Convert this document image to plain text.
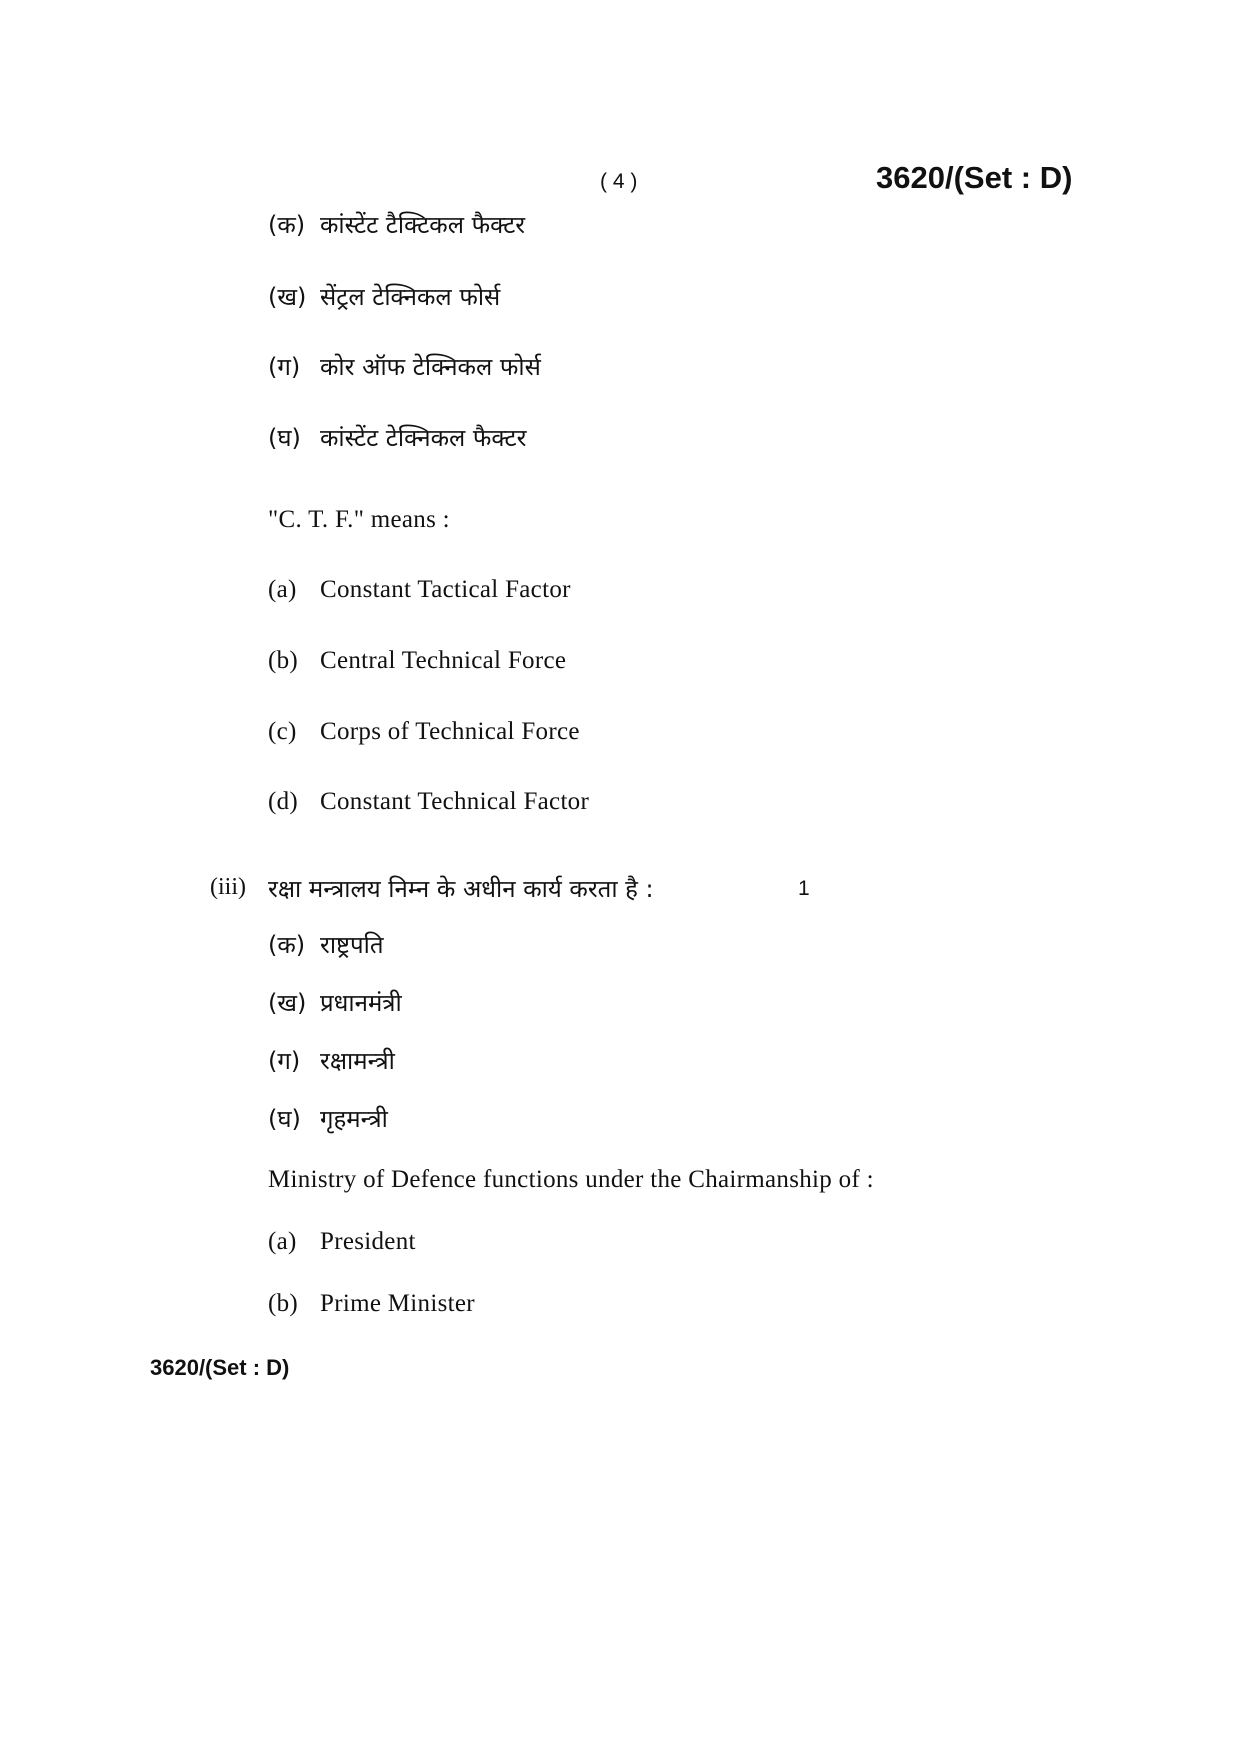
( 4 )	3620/(Set : D)
(क) कांस्टेंट टैक्टिकल फैक्टर
(ख) सेंट्रल टेक्निकल फोर्स
(ग) कोर ऑफ टेक्निकल फोर्स
(घ) कांस्टेंट टेक्निकल फैक्टर
"C. T. F." means :
(a) Constant Tactical Factor
(b) Central Technical Force
(c) Corps of Technical Force
(d) Constant Technical Factor
(iii) रक्षा मन्त्रालय निम्न के अधीन कार्य करता है :	1
(क) राष्ट्रपति
(ख) प्रधानमंत्री
(ग) रक्षामन्त्री
(घ) गृहमन्त्री
Ministry of Defence functions under the Chairmanship of :
(a) President
(b) Prime Minister
3620/(Set : D)
